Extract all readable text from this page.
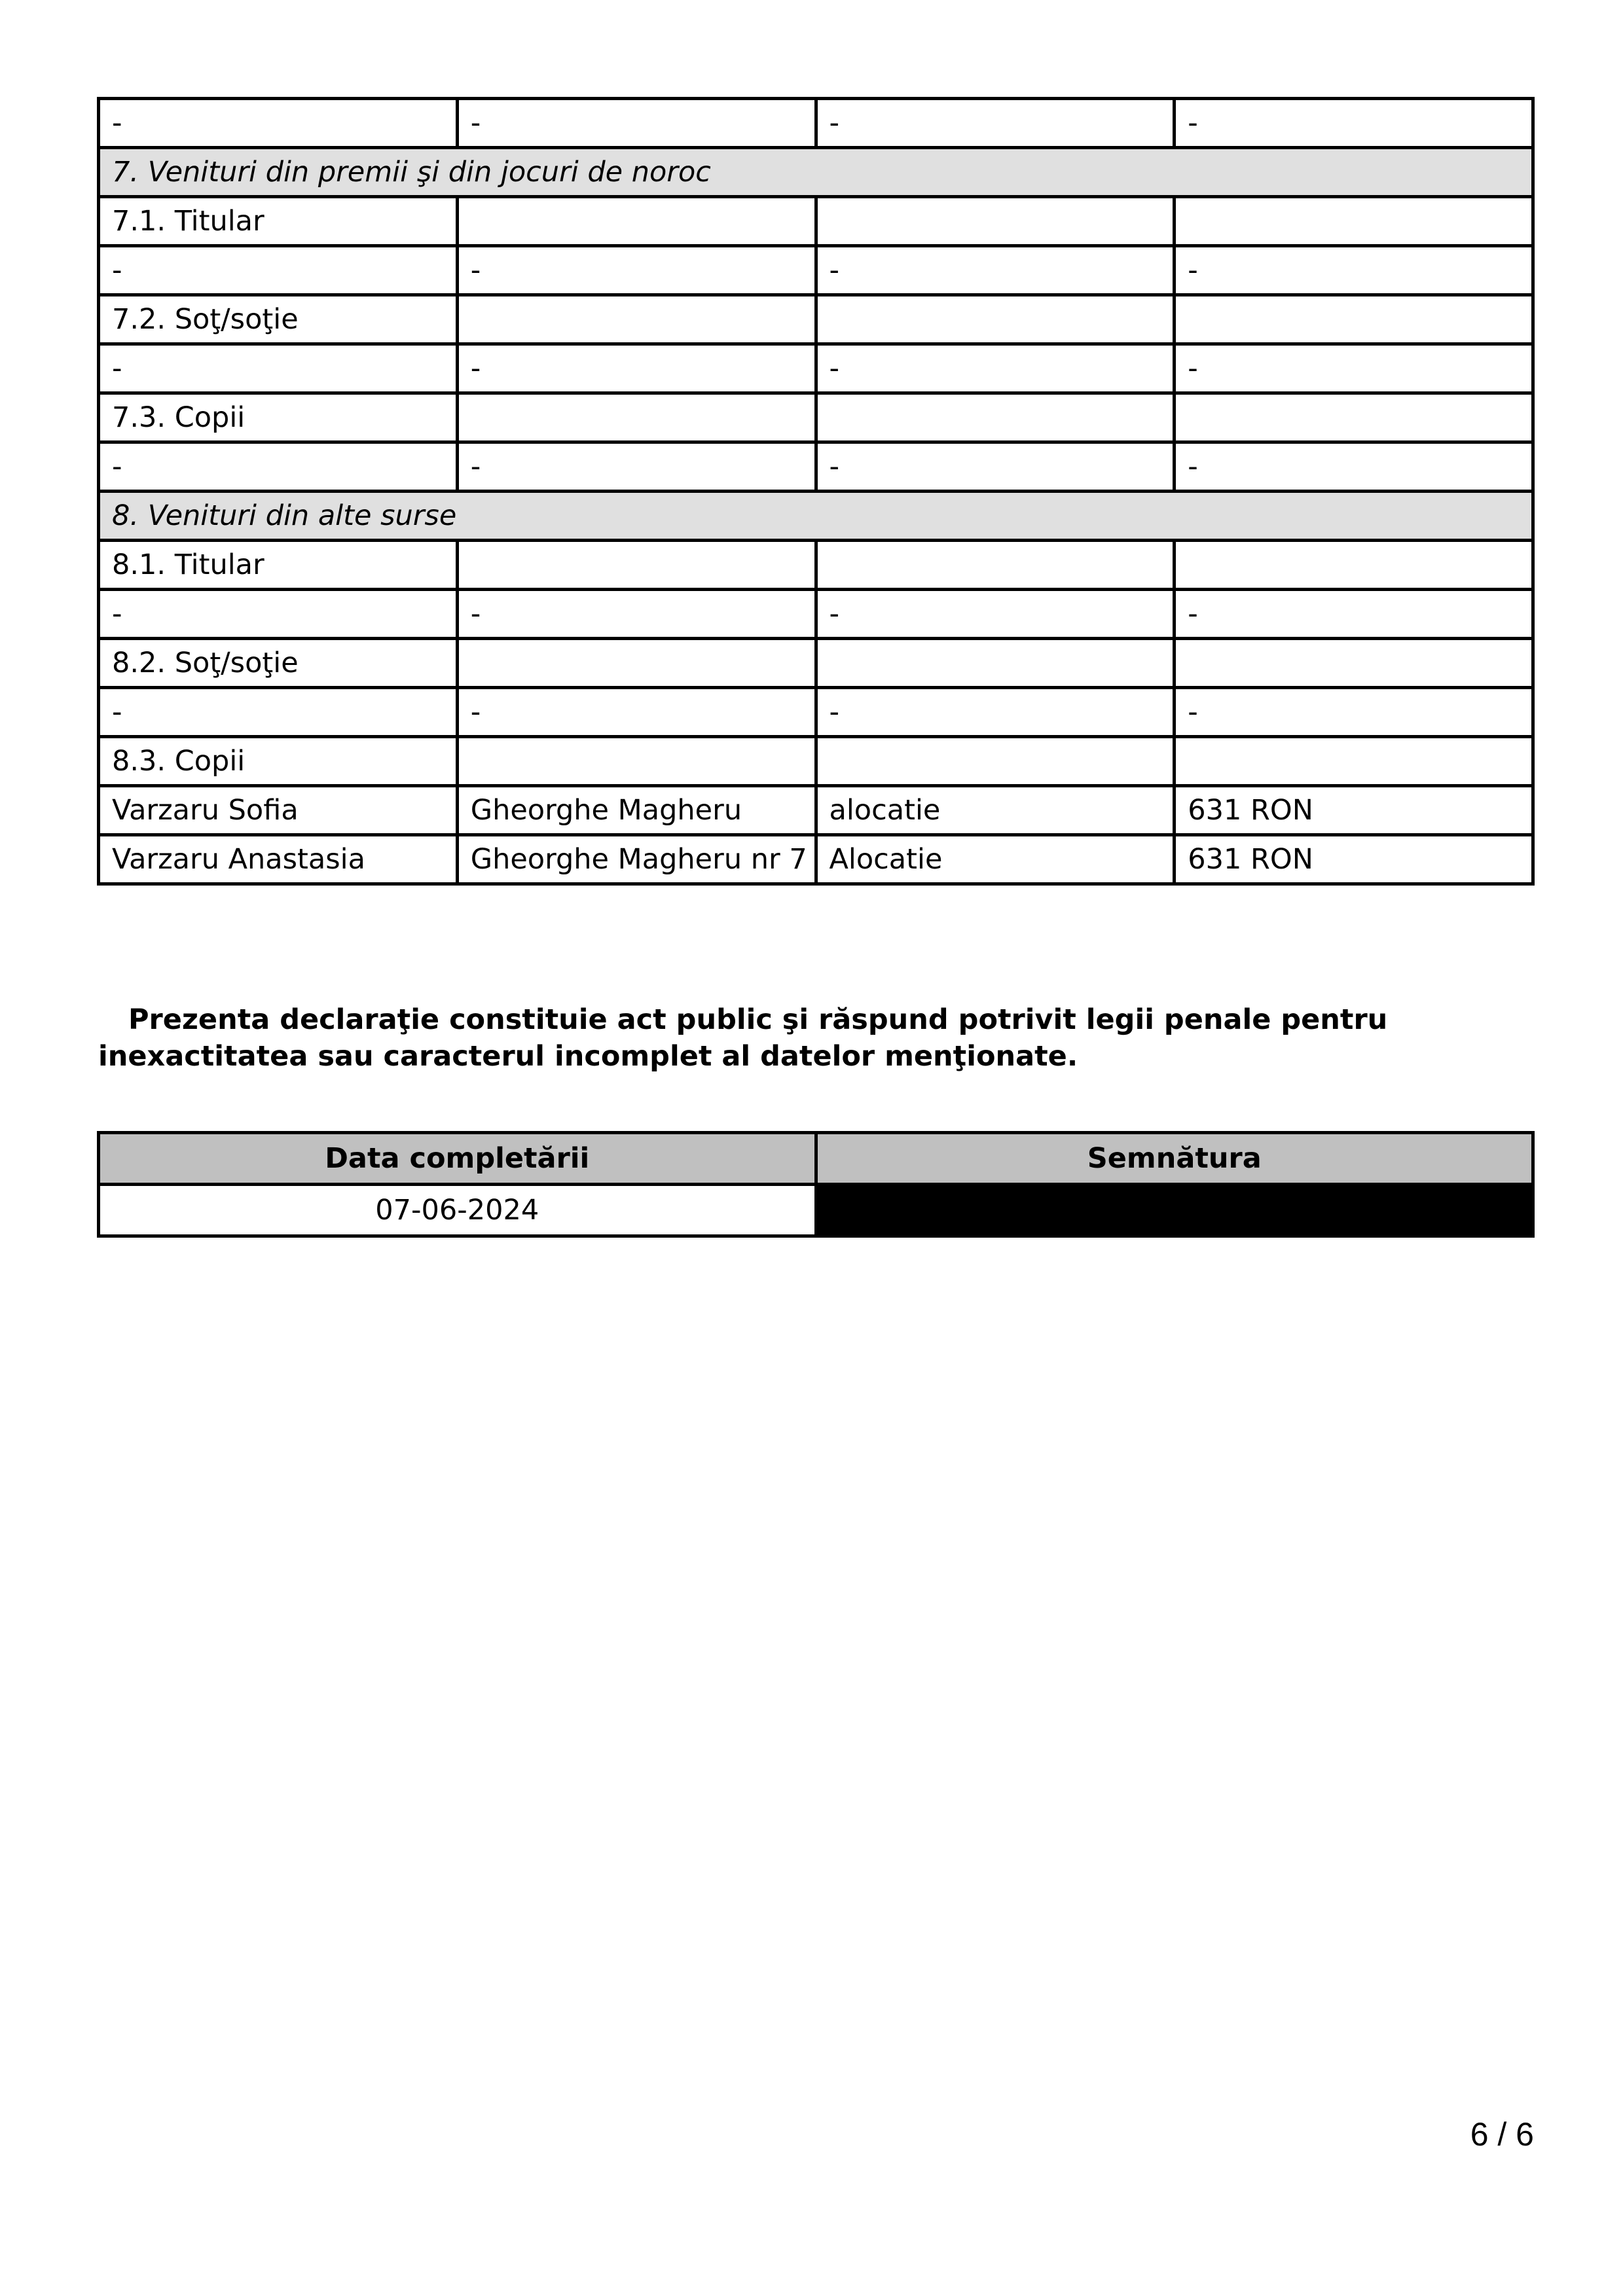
-	-	-	-
7. Venituri din premii şi din jocuri de noroc			
7.1. Titular			
-	-	-	-
7.2. Soţ/soţie			
-	-	-	-
7.3. Copii			
-	-	-	-
8. Venituri din alte surse			
8.1. Titular			
-	-	-	-
8.2. Soţ/soţie			
-	-	-	-
8.3. Copii			
Varzaru Sofia	Gheorghe Magheru	alocatie	631 RON
Varzaru Anastasia	Gheorghe Magheru nr 7	Alocatie	631 RON
Prezenta declaraţie constituie act public şi răspund potrivit legii penale pentru inexactitatea sau caracterul incomplet al datelor menţionate.
Data completării	Semnătura
07-06-2024	
6 / 6
